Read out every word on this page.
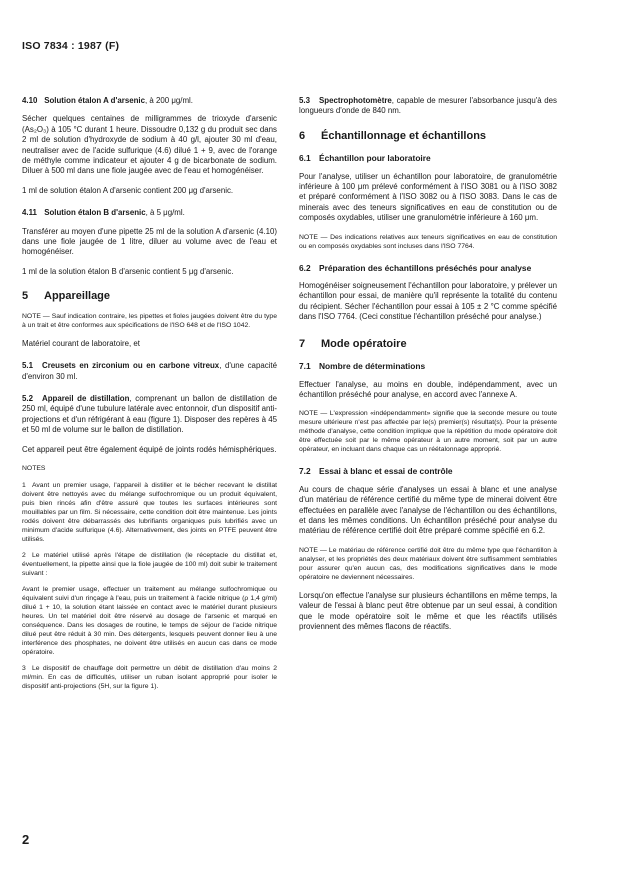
ISO 7834 : 1987 (F)
4.10 Solution étalon A d'arsenic, à 200 μg/ml.

Sécher quelques centaines de milligrammes de trioxyde d'arsenic (As₂O₃) à 105 °C durant 1 heure. Dissoudre 0,132 g du produit sec dans 2 ml de solution d'hydroxyde de sodium à 40 g/l, ajouter 30 ml d'eau, neutraliser avec de l'acide sulfurique (4.6) dilué 1 + 9, avec de l'orange de méthyle comme indicateur et ajouter 4 g de bicarbonate de sodium. Diluer à 500 ml dans une fiole jaugée avec de l'eau et homogénéiser.

1 ml de solution étalon A d'arsenic contient 200 μg d'arsenic.

4.11 Solution étalon B d'arsenic, à 5 μg/ml.

Transférer au moyen d'une pipette 25 ml de la solution A d'arsenic (4.10) dans une fiole jaugée de 1 litre, diluer au volume avec de l'eau et homogénéiser.

1 ml de la solution étalon B d'arsenic contient 5 μg d'arsenic.

5 Appareillage

NOTE — Sauf indication contraire, les pipettes et fioles jaugées doivent être du type à un trait et être conformes aux spécifications de l'ISO 648 et de l'ISO 1042.

Matériel courant de laboratoire, et

5.1 Creusets en zirconium ou en carbone vitreux, d'une capacité d'environ 30 ml.

5.2 Appareil de distillation, comprenant un ballon de distillation de 250 ml, équipé d'une tubulure latérale avec entonnoir, d'un dispositif anti-projections et d'un réfrigérant à eau (figure 1). Disposer des repères à 45 et 50 ml de volume sur le ballon de distillation.

Cet appareil peut être également équipé de joints rodés hémisphériques.

NOTES

1 Avant un premier usage, l'appareil à distiller et le bécher recevant le distillat doivent être nettoyés avec du mélange sulfochromique ou un produit équivalent, puis bien rincés afin d'être assuré que toutes les surfaces intérieures sont mouillables par un film. Si nécessaire, cette condition doit être maintenue. Les joints rodés doivent être débarrassés des lubrifiants organiques puis lubrifiés avec un minimum d'acide sulfurique (4.6). Alternativement, des joints en PTFE peuvent être utilisés.

2 Le matériel utilisé après l'étape de distillation (le réceptacle du distillat et, éventuellement, la pipette ainsi que la fiole jaugée de 100 ml) doit subir le traitement suivant :

Avant le premier usage, effectuer un traitement au mélange sulfochromique ou équivalent suivi d'un rinçage à l'eau, puis un traitement à l'acide nitrique (ρ 1,4 g/ml) dilué 1 + 10, la solution étant laissée en contact avec le matériel durant plusieurs heures. Un tel matériel doit être réservé au dosage de l'arsenic et marqué en conséquence. Dans les dosages de routine, le temps de séjour de l'acide nitrique dilué peut être réduit à 30 min. Des détergents, lesquels peuvent donner lieu à une interférence des phosphates, ne doivent être utilisés en aucun cas dans ce mode opératoire.

3 Le dispositif de chauffage doit permettre un débit de distillation d'au moins 2 ml/min. En cas de difficultés, utiliser un ruban isolant approprié pour isoler le dispositif anti-projections (5H, sur la figure 1).

5.3 Spectrophotomètre, capable de mesurer l'absorbance jusqu'à des longueurs d'onde de 840 nm.

6 Échantillonnage et échantillons
6.1 Échantillon pour laboratoire

Pour l'analyse, utiliser un échantillon pour laboratoire, de granulométrie inférieure à 100 μm prélevé conformément à l'ISO 3081 ou à l'ISO 3082 et préparé conformément à l'ISO 3082 ou à l'ISO 3083. Dans le cas de minerais avec des teneurs significatives en eau de constitution ou de composés oxydables, utiliser une granulométrie inférieure à 160 μm.

NOTE — Des indications relatives aux teneurs significatives en eau de constitution ou en composés oxydables sont incluses dans l'ISO 7764.

6.2 Préparation des échantillons préséchés pour analyse

Homogénéiser soigneusement l'échantillon pour laboratoire, y prélever un échantillon pour essai, de manière qu'il représente la totalité du contenu du récipient. Sécher l'échantillon pour essai à 105 ± 2 °C comme spécifié dans l'ISO 7764. (Ceci constitue l'échantillon préséché pour analyse.)

7 Mode opératoire
7.1 Nombre de déterminations

Effectuer l'analyse, au moins en double, indépendamment, avec un échantillon préséché pour analyse, en accord avec l'annexe A.

NOTE — L'expression «indépendamment» signifie que la seconde mesure ou toute mesure ultérieure n'est pas affectée par le(s) premier(s) résultat(s). Pour la présente méthode d'analyse, cette condition implique que la répétition du mode opératoire doit être effectuée soit par le même opérateur à un autre moment, soit par un autre opérateur, en incluant dans chaque cas un réétalonnage approprié.

7.2 Essai à blanc et essai de contrôle

Au cours de chaque série d'analyses un essai à blanc et une analyse d'un matériau de référence certifié du même type de minerai doivent être effectuées en parallèle avec l'analyse de l'échantillon ou des échantillons, et dans les mêmes conditions. Un échantillon préséché pour analyse du matériau de référence certifié doit être préparé comme spécifié en 6.2.

NOTE — Le matériau de référence certifié doit être du même type que l'échantillon à analyser, et les propriétés des deux matériaux doivent être suffisamment semblables pour assurer qu'en aucun cas, des modifications significatives dans le mode opératoire ne deviennent nécessaires.

Lorsqu'on effectue l'analyse sur plusieurs échantillons en même temps, la valeur de l'essai à blanc peut être obtenue par un seul essai, à condition que le mode opératoire soit le même et que les réactifs utilisés proviennent des mêmes flacons de réactifs.

2
